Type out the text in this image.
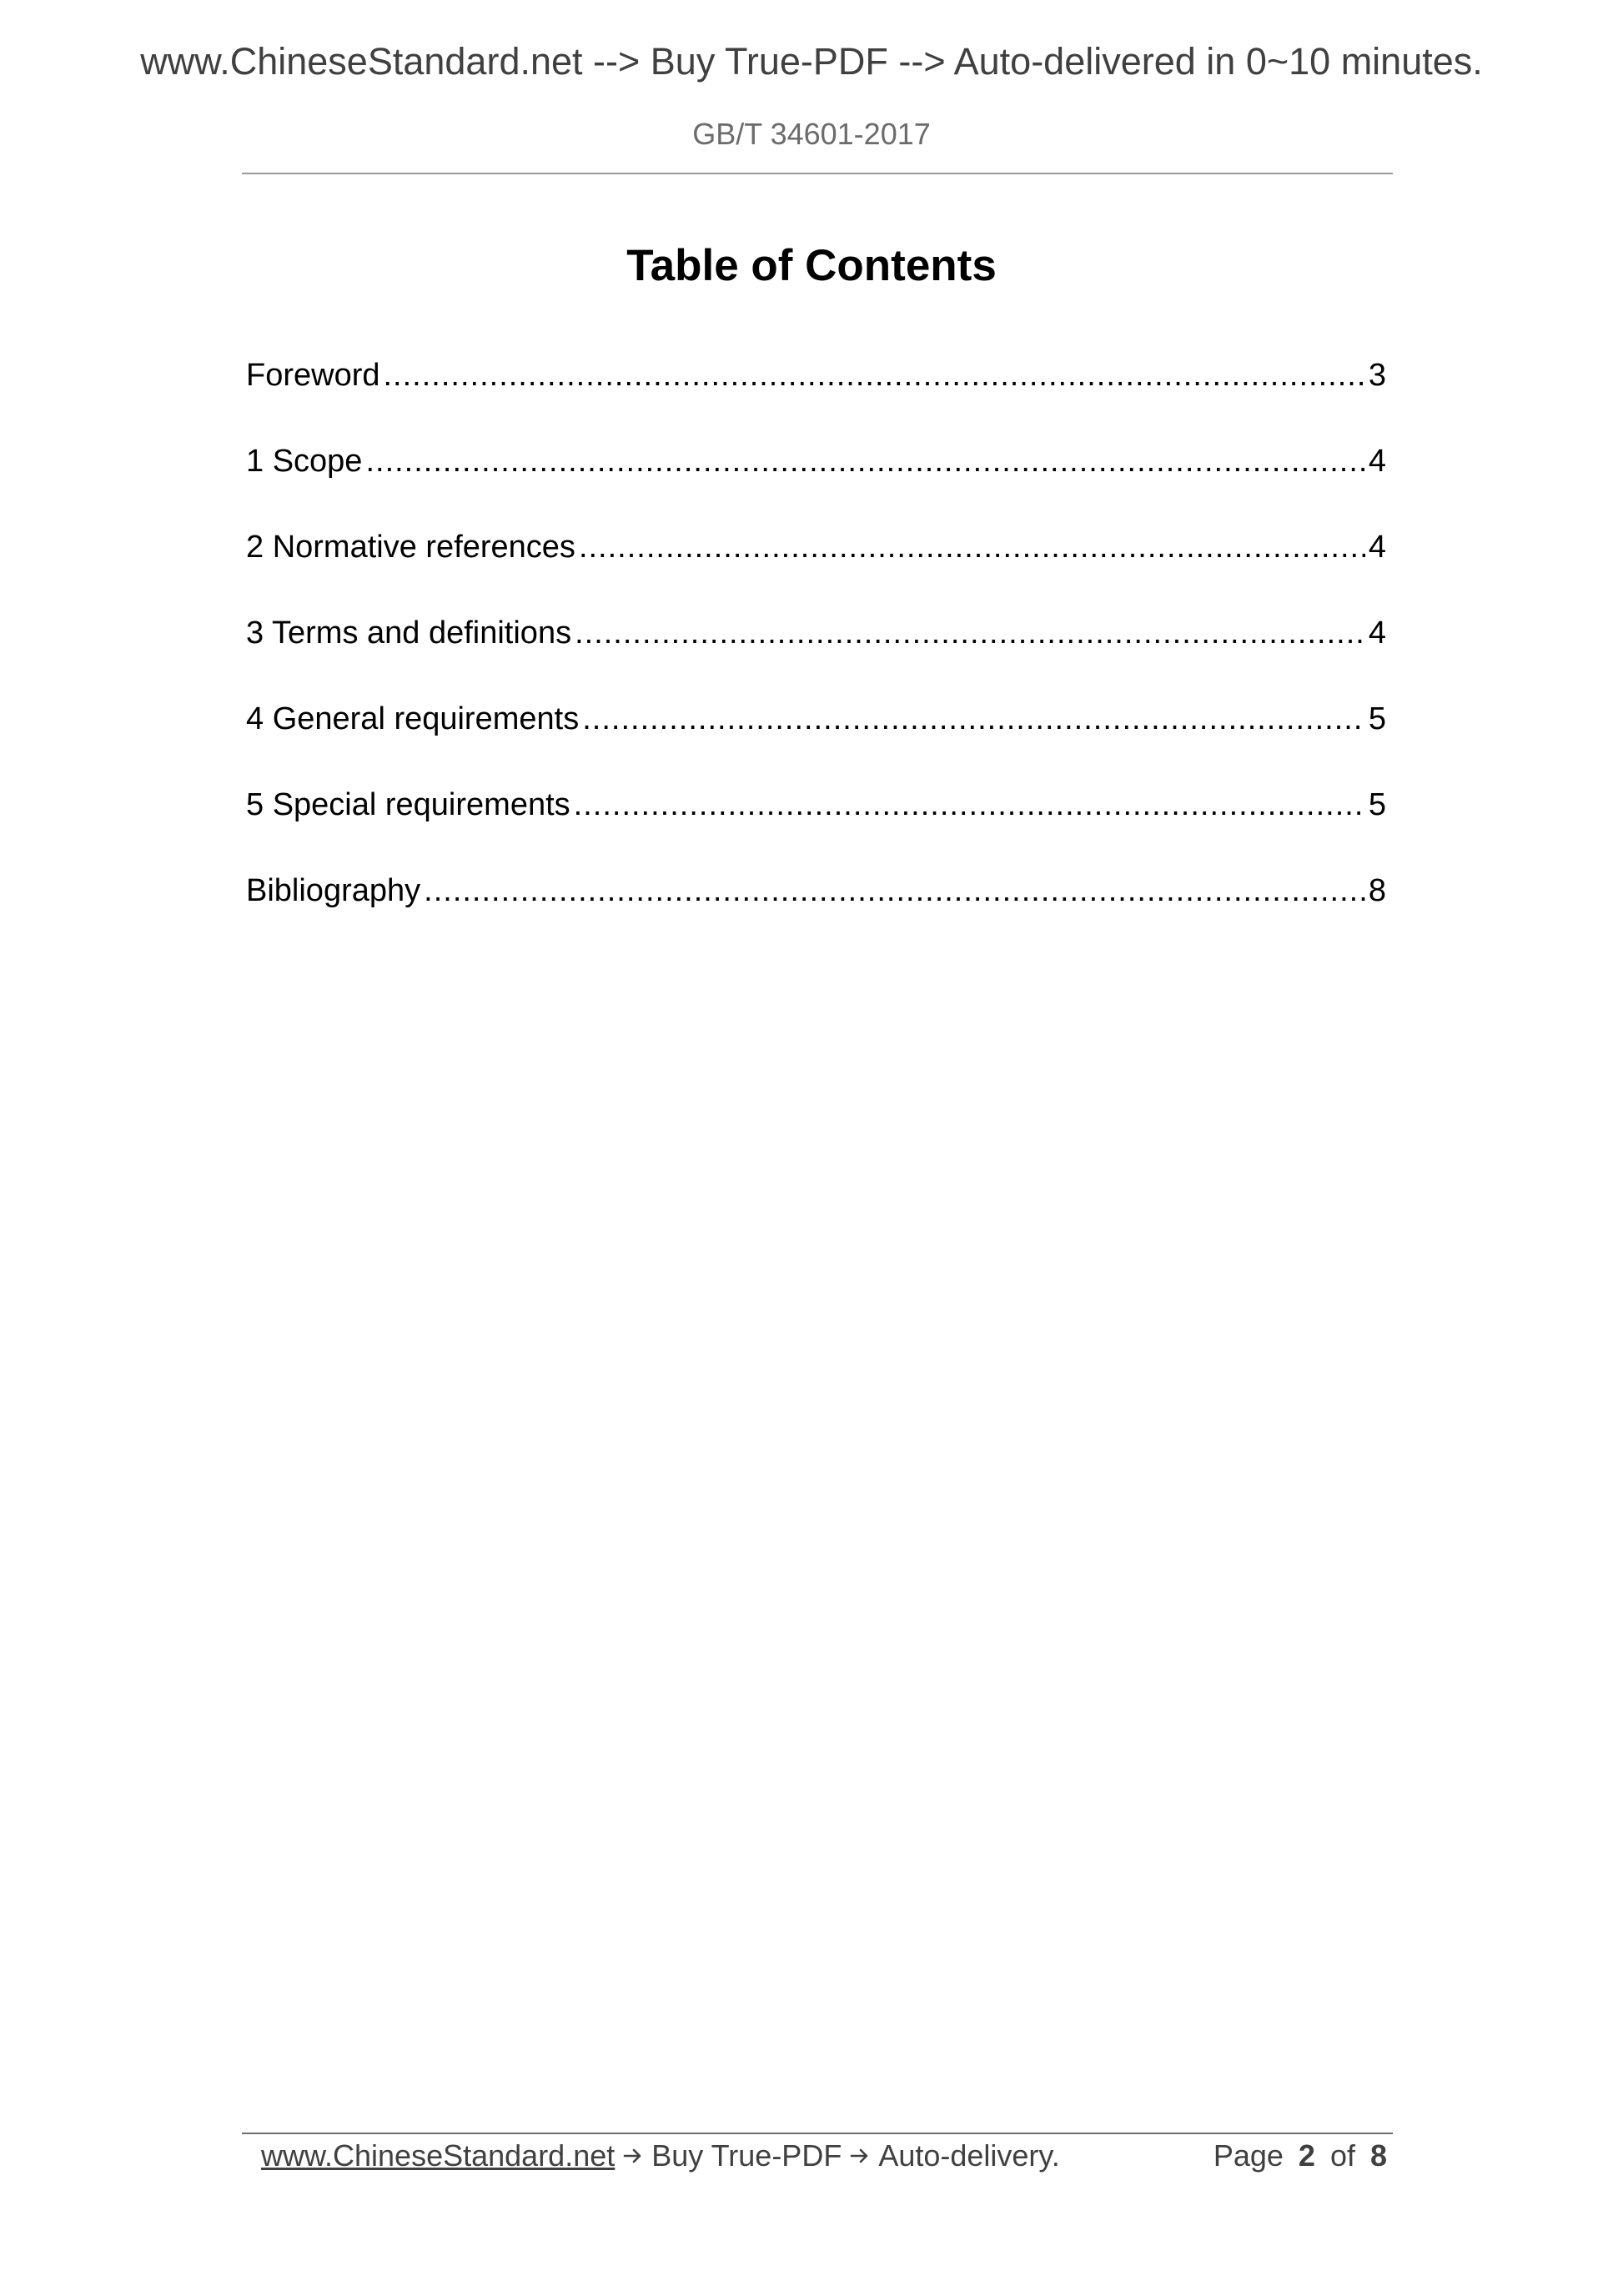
www.ChineseStandard.net --> Buy True-PDF --> Auto-delivered in 0~10 minutes.
GB/T 34601-2017
Table of Contents
Foreword .....	3
1 Scope .....	4
2 Normative references .....	4
3 Terms and definitions .....	4
4 General requirements .....	5
5 Special requirements .....	5
Bibliography .....	8
www.ChineseStandard.net Buy True-PDF Auto-delivery.	Page 2 of 8
